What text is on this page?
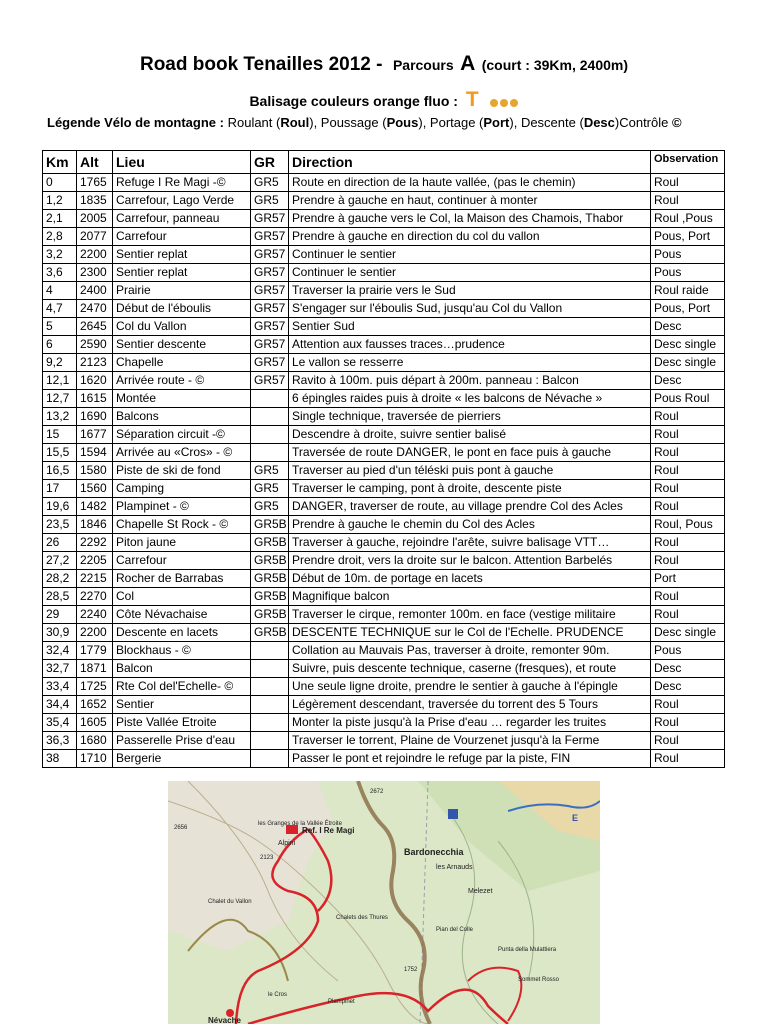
Road book Tenailles 2012 - Parcours A (court : 39Km, 2400m)
Balisage couleurs orange fluo : T
Légende Vélo de montagne : Roulant (Roul), Poussage (Pous), Portage (Port), Descente (Desc)Contrôle ©
Km	Alt	Lieu	GR	Direction	Observation
0	1765	Refuge I Re Magi -©	GR5	Route en direction de la haute vallée, (pas le chemin)	Roul
1,2	1835	Carrefour, Lago Verde	GR5	Prendre à gauche en haut, continuer à monter	Roul
2,1	2005	Carrefour, panneau	GR57	Prendre à gauche vers le Col, la Maison des Chamois, Thabor	Roul ,Pous
2,8	2077	Carrefour	GR57	Prendre à gauche en direction du col du vallon	Pous, Port
3,2	2200	Sentier replat	GR57	Continuer le sentier	Pous
3,6	2300	Sentier replat	GR57	Continuer le sentier	Pous
4	2400	Prairie	GR57	Traverser la prairie vers le Sud	Roul raide
4,7	2470	Début de l'éboulis	GR57	S'engager sur l'éboulis Sud, jusqu'au Col du Vallon	Pous, Port
5	2645	Col du Vallon	GR57	Sentier Sud	Desc
6	2590	Sentier descente	GR57	Attention aux fausses traces…prudence	Desc single
9,2	2123	Chapelle	GR57	Le vallon se resserre	Desc single
12,1	1620	Arrivée route - ©	GR57	Ravito à 100m. puis départ à 200m. panneau : Balcon	Desc
12,7	1615	Montée		6 épingles raides puis à droite « les balcons de Névache »	Pous Roul
13,2	1690	Balcons		Single technique, traversée de pierriers	Roul
15	1677	Séparation circuit -©		Descendre à droite, suivre sentier balisé	Roul
15,5	1594	Arrivée au «Cros» - ©		Traversée de route DANGER, le pont en face puis à gauche	Roul
16,5	1580	Piste de ski de fond	GR5	Traverser au pied d'un téléski puis pont à gauche	Roul
17	1560	Camping	GR5	Traverser le camping, pont à droite, descente piste	Roul
19,6	1482	Plampinet - ©	GR5	DANGER, traverser de route, au village prendre Col des Acles	Roul
23,5	1846	Chapelle St Rock - ©	GR5B	Prendre à gauche le chemin du Col des Acles	Roul, Pous
26	2292	Piton jaune	GR5B	Traverser à gauche, rejoindre l'arête, suivre balisage VTT…	Roul
27,2	2205	Carrefour	GR5B	Prendre droit, vers la droite sur le balcon. Attention Barbelés	Roul
28,2	2215	Rocher de Barrabas	GR5B	Début de 10m. de portage en lacets	Port
28,5	2270	Col	GR5B	Magnifique balcon	Roul
29	2240	Côte Névachaise	GR5B	Traverser le cirque, remonter 100m. en face (vestige militaire	Roul
30,9	2200	Descente en lacets	GR5B	DESCENTE TECHNIQUE sur le Col de l'Echelle. PRUDENCE	Desc single
32,4	1779	Blockhaus - ©		Collation au Mauvais Pas, traverser à droite, remonter 90m.	Pous
32,7	1871	Balcon		Suivre, puis descente technique, caserne (fresques), et route	Desc
33,4	1725	Rte Col del'Echelle- ©		Une seule ligne droite, prendre le sentier à gauche à l'épingle	Desc
34,4	1652	Sentier		Légèrement descendant, traversée du torrent des 5 Tours	Roul
35,4	1605	Piste Vallée Etroite		Monter la piste jusqu'à la Prise d'eau … regarder les truites	Roul
36,3	1680	Passerelle Prise d'eau		Traverser le torrent, Plaine de Vourzenet jusqu'à la Ferme	Roul
38	1710	Bergerie		Passer le pont et rejoindre le refuge par la piste, FIN	Roul
Ref. I Re Magi
Alpini
les Granges de la Vallée Étroite
Bardonecchia
les Arnauds
Melezet
Pian del Colle
Punta della Mulattiera
Sommet Rosso
Chalet du Vallon
Chalets des Thures
Névache
le Cros
Plampinet
2672
1752
2656
2123
E
